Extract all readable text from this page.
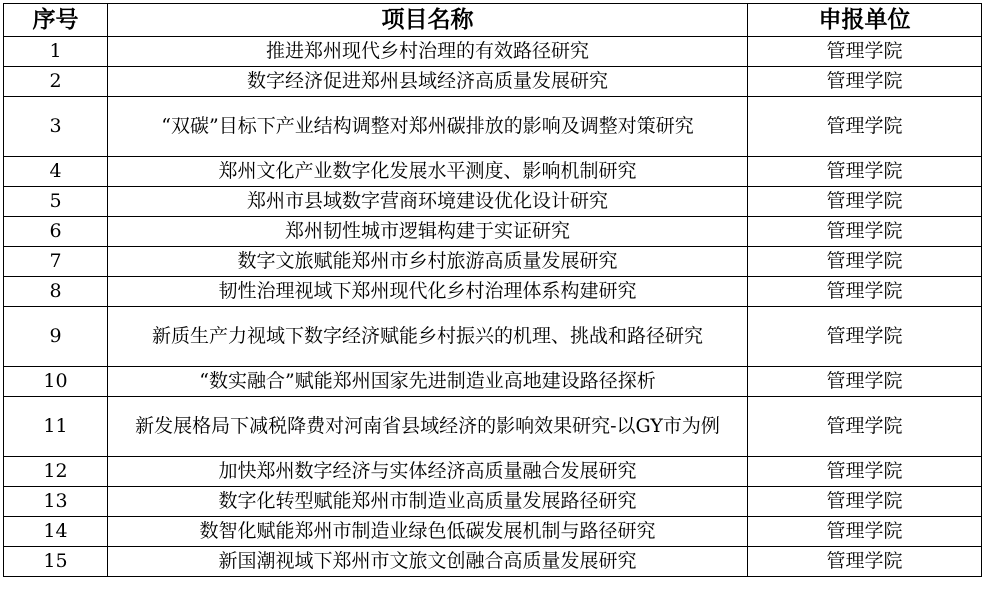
序号	项目名称	申报单位
1	推进郑州现代乡村治理的有效路径研究	管理学院
2	数字经济促进郑州县域经济高质量发展研究	管理学院
3	“双碳”目标下产业结构调整对郑州碳排放的影响及调整对策研究	管理学院
4	郑州文化产业数字化发展水平测度、影响机制研究	管理学院
5	郑州市县域数字营商环境建设优化设计研究	管理学院
6	郑州韧性城市逻辑构建于实证研究	管理学院
7	数字文旅赋能郑州市乡村旅游高质量发展研究	管理学院
8	韧性治理视域下郑州现代化乡村治理体系构建研究	管理学院
9	新质生产力视域下数字经济赋能乡村振兴的机理、挑战和路径研究	管理学院
10	“数实融合”赋能郑州国家先进制造业高地建设路径探析	管理学院
11	新发展格局下减税降费对河南省县域经济的影响效果研究-以GY市为例	管理学院
12	加快郑州数字经济与实体经济高质量融合发展研究	管理学院
13	数字化转型赋能郑州市制造业高质量发展路径研究	管理学院
14	数智化赋能郑州市制造业绿色低碳发展机制与路径研究	管理学院
15	新国潮视域下郑州市文旅文创融合高质量发展研究	管理学院
